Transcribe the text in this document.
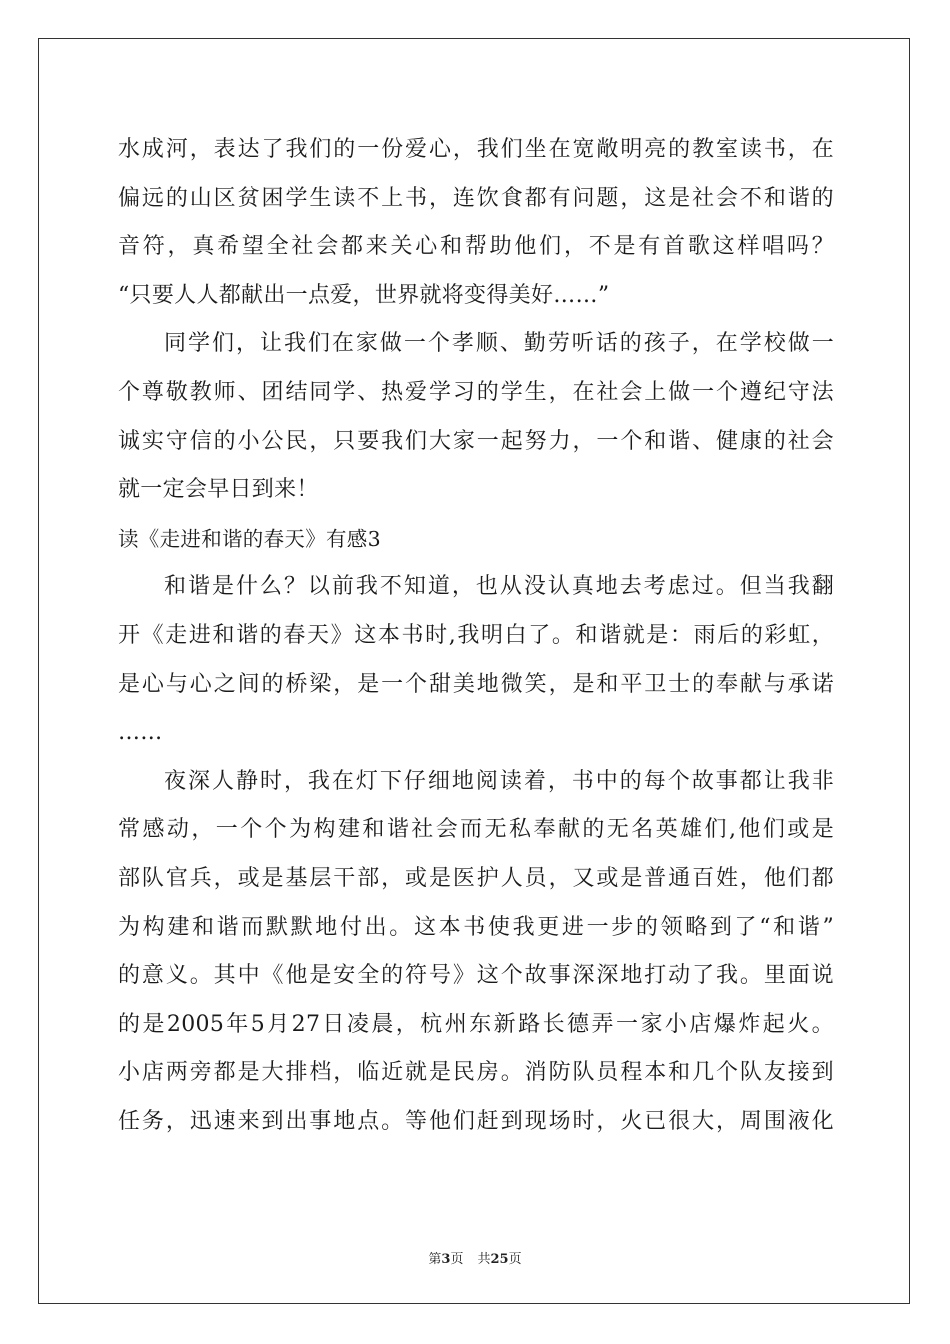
水成河，表达了我们的一份爱心，我们坐在宽敞明亮的教室读书，在
偏远的山区贫困学生读不上书，连饮食都有问题，这是社会不和谐的
音符，真希望全社会都来关心和帮助他们，不是有首歌这样唱吗？
“只要人人都献出一点爱，世界就将变得美好……”
同学们，让我们在家做一个孝顺、勤劳听话的孩子，在学校做一
个尊敬教师、团结同学、热爱学习的学生，在社会上做一个遵纪守法
诚实守信的小公民，只要我们大家一起努力，一个和谐、健康的社会
就一定会早日到来！
读《走进和谐的春天》有感3
和谐是什么？以前我不知道，也从没认真地去考虑过。但当我翻
开《走进和谐的春天》这本书时,我明白了。和谐就是：雨后的彩虹，
是心与心之间的桥梁，是一个甜美地微笑，是和平卫士的奉献与承诺
……
夜深人静时，我在灯下仔细地阅读着，书中的每个故事都让我非
常感动，一个个为构建和谐社会而无私奉献的无名英雄们,他们或是
部队官兵，或是基层干部，或是医护人员，又或是普通百姓，他们都
为构建和谐而默默地付出。这本书使我更进一步的领略到了“和谐”
的意义。其中《他是安全的符号》这个故事深深地打动了我。里面说
的是2005年5月27日凌晨，杭州东新路长德弄一家小店爆炸起火。
小店两旁都是大排档，临近就是民房。消防队员程本和几个队友接到
任务，迅速来到出事地点。等他们赶到现场时，火已很大，周围液化
第3页 共25页
